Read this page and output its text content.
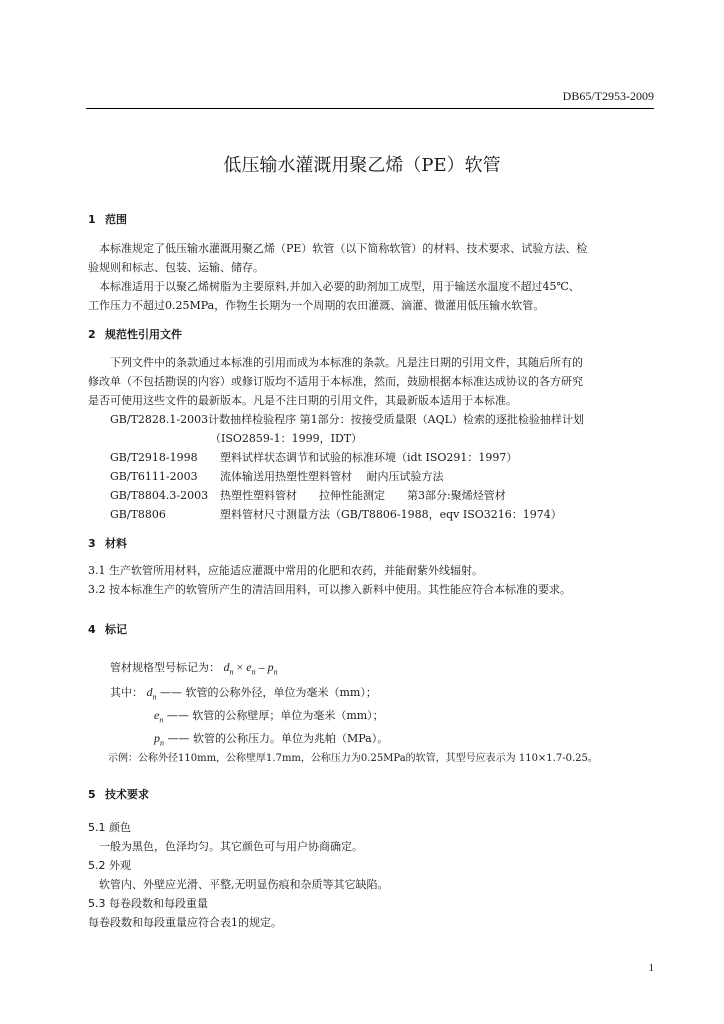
DB65/T2953-2009
低压输水灌溉用聚乙烯（PE）软管
1 范围
本标准规定了低压输水灌溉用聚乙烯（PE）软管（以下简称软管）的材料、技术要求、试验方法、检
验规则和标志、包装、运输、储存。
本标准适用于以聚乙烯树脂为主要原料,并加入必要的助剂加工成型，用于输送水温度不超过45℃、
工作压力不超过0.25MPa，作物生长期为一个周期的农田灌溉、滴灌、微灌用低压输水软管。
2 规范性引用文件
下列文件中的条款通过本标准的引用而成为本标准的条款。凡是注日期的引用文件，其随后所有的
修改单（不包括勘误的内容）或修订版均不适用于本标准，然而，鼓励根据本标准达成协议的各方研究
是否可使用这些文件的最新版本。凡是不注日期的引用文件，其最新版本适用于本标准。
GB/T2828.1-2003计数抽样检验程序 第1部分：按接受质量限（AQL）检索的逐批检验抽样计划
（ISO2859-1：1999，IDT）
GB/T2918-1998 塑料试样状态调节和试验的标准环境（idt ISO291：1997）
GB/T6111-2003 流体输送用热塑性塑料管材　 耐内压试验方法
GB/T8804.3-2003 热塑性塑料管材　　拉伸性能测定　　第3部分:聚烯烃管材
GB/T8806	塑料管材尺寸测量方法（GB/T8806-1988，eqv ISO3216：1974）
3 材料
3.1 生产软管所用材料，应能适应灌溉中常用的化肥和农药，并能耐紫外线辐射。
3.2 按本标准生产的软管所产生的清洁回用料，可以掺入新料中使用。其性能应符合本标准的要求。
4 标记
管材规格型号标记为： $d_n \times e_n - p_n$
其中： $d_n$ —— 软管的公称外径，单位为毫米（mm）；
$e_n$ —— 软管的公称壁厚；单位为毫米（mm）；
$p_n$ —— 软管的公称压力。单位为兆帕（MPa）。
示例：公称外径110mm，公称壁厚1.7mm，公称压力为0.25MPa的软管，其型号应表示为 110×1.7-0.25。
5 技术要求
5.1 颜色
一般为黑色，色泽均匀。其它颜色可与用户协商确定。
5.2 外观
软管内、外壁应光滑、平整,无明显伤痕和杂质等其它缺陷。
5.3 每卷段数和每段重量
每卷段数和每段重量应符合表1的规定。
1
